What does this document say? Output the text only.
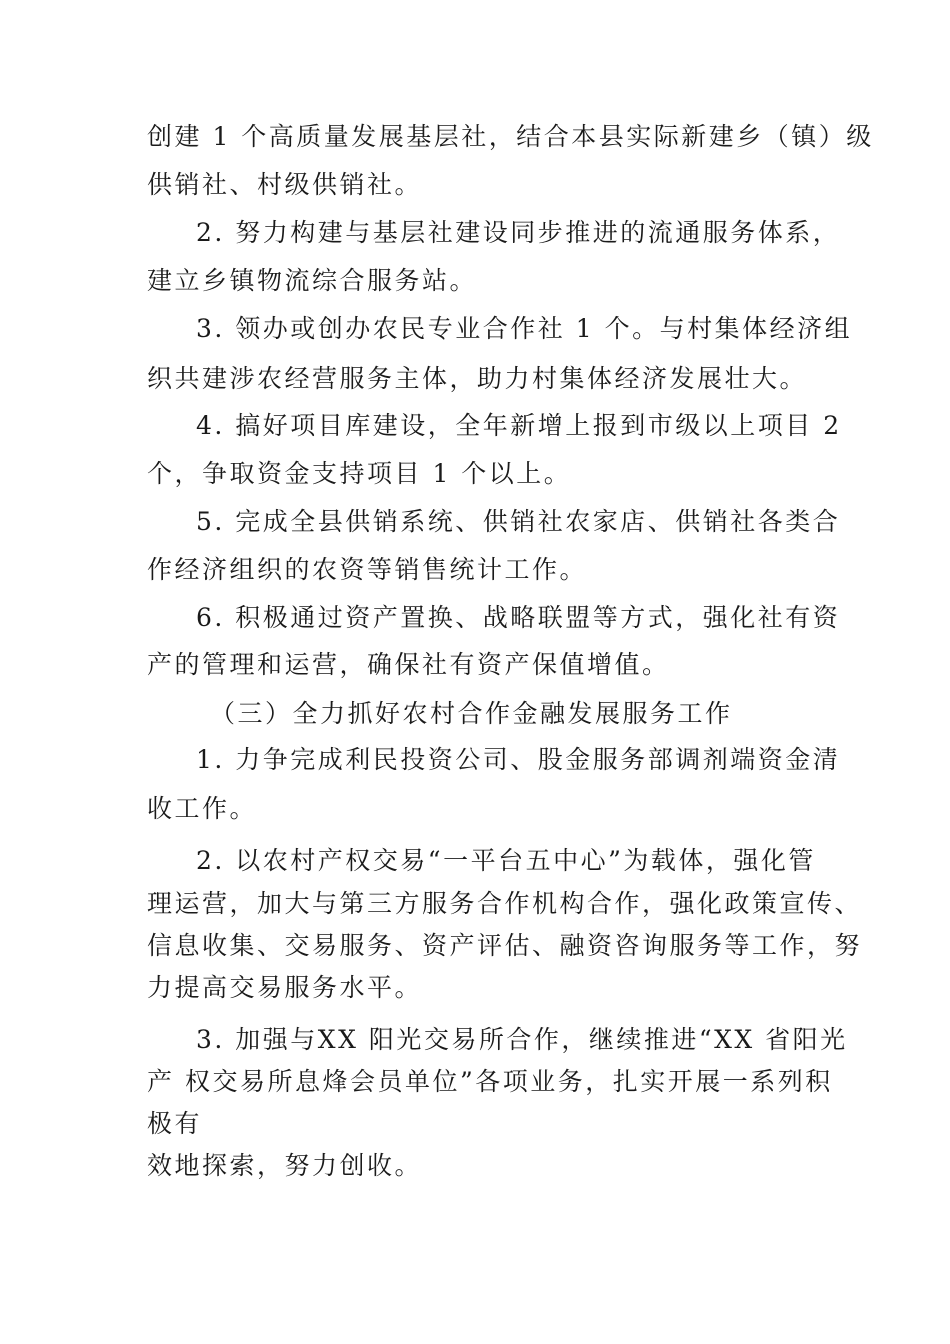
创建 1 个高质量发展基层社，结合本县实际新建乡（镇）级
供销社、村级供销社。
2. 努力构建与基层社建设同步推进的流通服务体系，
建立乡镇物流综合服务站。
3. 领办或创办农民专业合作社 1 个。与村集体经济组
织共建涉农经营服务主体，助力村集体经济发展壮大。
4. 搞好项目库建设，全年新增上报到市级以上项目 2
个，争取资金支持项目 1 个以上。
5. 完成全县供销系统、供销社农家店、供销社各类合
作经济组织的农资等销售统计工作。
6. 积极通过资产置换、战略联盟等方式，强化社有资
产的管理和运营，确保社有资产保值增值。
（三）全力抓好农村合作金融发展服务工作
1. 力争完成利民投资公司、股金服务部调剂端资金清
收工作。
2. 以农村产权交易“一平台五中心”为载体，强化管
理运营，加大与第三方服务合作机构合作，强化政策宣传、
信息收集、交易服务、资产评估、融资咨询服务等工作，努
力提高交易服务水平。
3. 加强与XX 阳光交易所合作，继续推进“XX 省阳光
产 权交易所息烽会员单位”各项业务，扎实开展一系列积
极有
效地探索，努力创收。
